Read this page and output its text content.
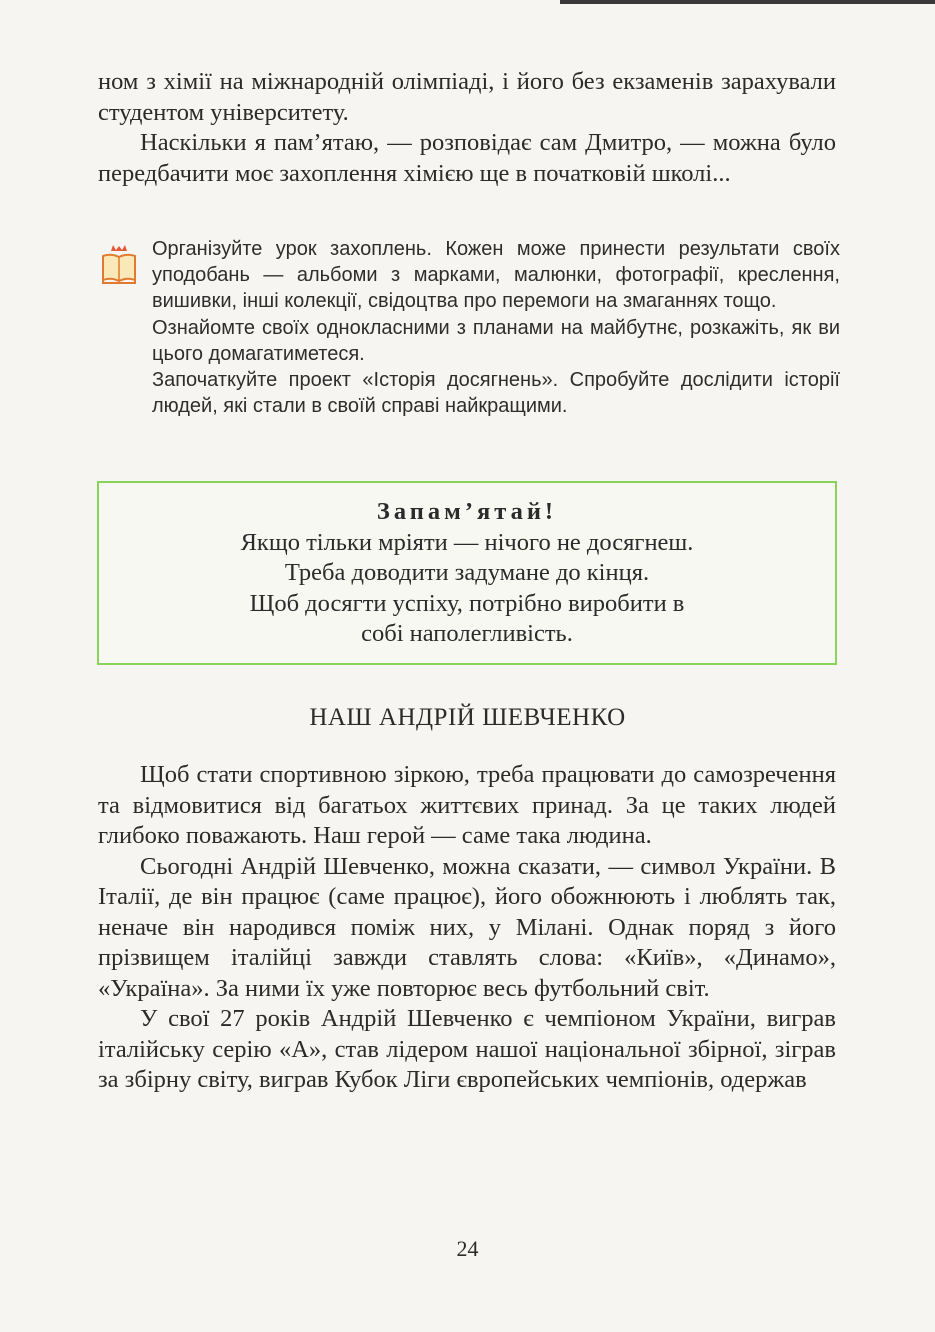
ном з хімії на міжнародній олімпіаді, і його без екзаменів зарахували студентом університету.

Наскільки я пам’ятаю, — розповідає сам Дмитро, — можна було передбачити моє захоплення хімією ще в початковій школі...

Організуйте урок захоплень. Кожен може принести результати своїх уподобань — альбоми з марками, малюнки, фотографії, креслення, вишивки, інші колекції, свідоцтва про перемоги на змаганнях тощо.

Ознайомте своїх однокласними з планами на майбутнє, розкажіть, як ви цього домагатиметеся.

Започаткуйте проект «Історія досягнень». Спробуйте дослідити історії людей, які стали в своїй справі найкращими.

Запам’ятай!

Якщо тільки мріяти — нічого не досягнеш.

Треба доводити задумане до кінця.

Щоб досягти успіху, потрібно виробити в собі наполегливість.

НАШ АНДРІЙ ШЕВЧЕНКО

Щоб стати спортивною зіркою, треба працювати до самозречення та відмовитися від багатьох життєвих принад. За це таких людей глибоко поважають. Наш герой — саме така людина.

Сьогодні Андрій Шевченко, можна сказати, — символ України. В Італії, де він працює (саме працює), його обожнюють і люблять так, неначе він народився поміж них, у Мілані. Однак поряд з його прізвищем італійці завжди ставлять слова: «Київ», «Динамо», «Україна». За ними їх уже повторює весь футбольний світ.

У свої 27 років Андрій Шевченко є чемпіоном України, виграв італійську серію «А», став лідером нашої національної збірної, зіграв за збірну світу, виграв Кубок Ліги європейських чемпіонів, одержав

24
